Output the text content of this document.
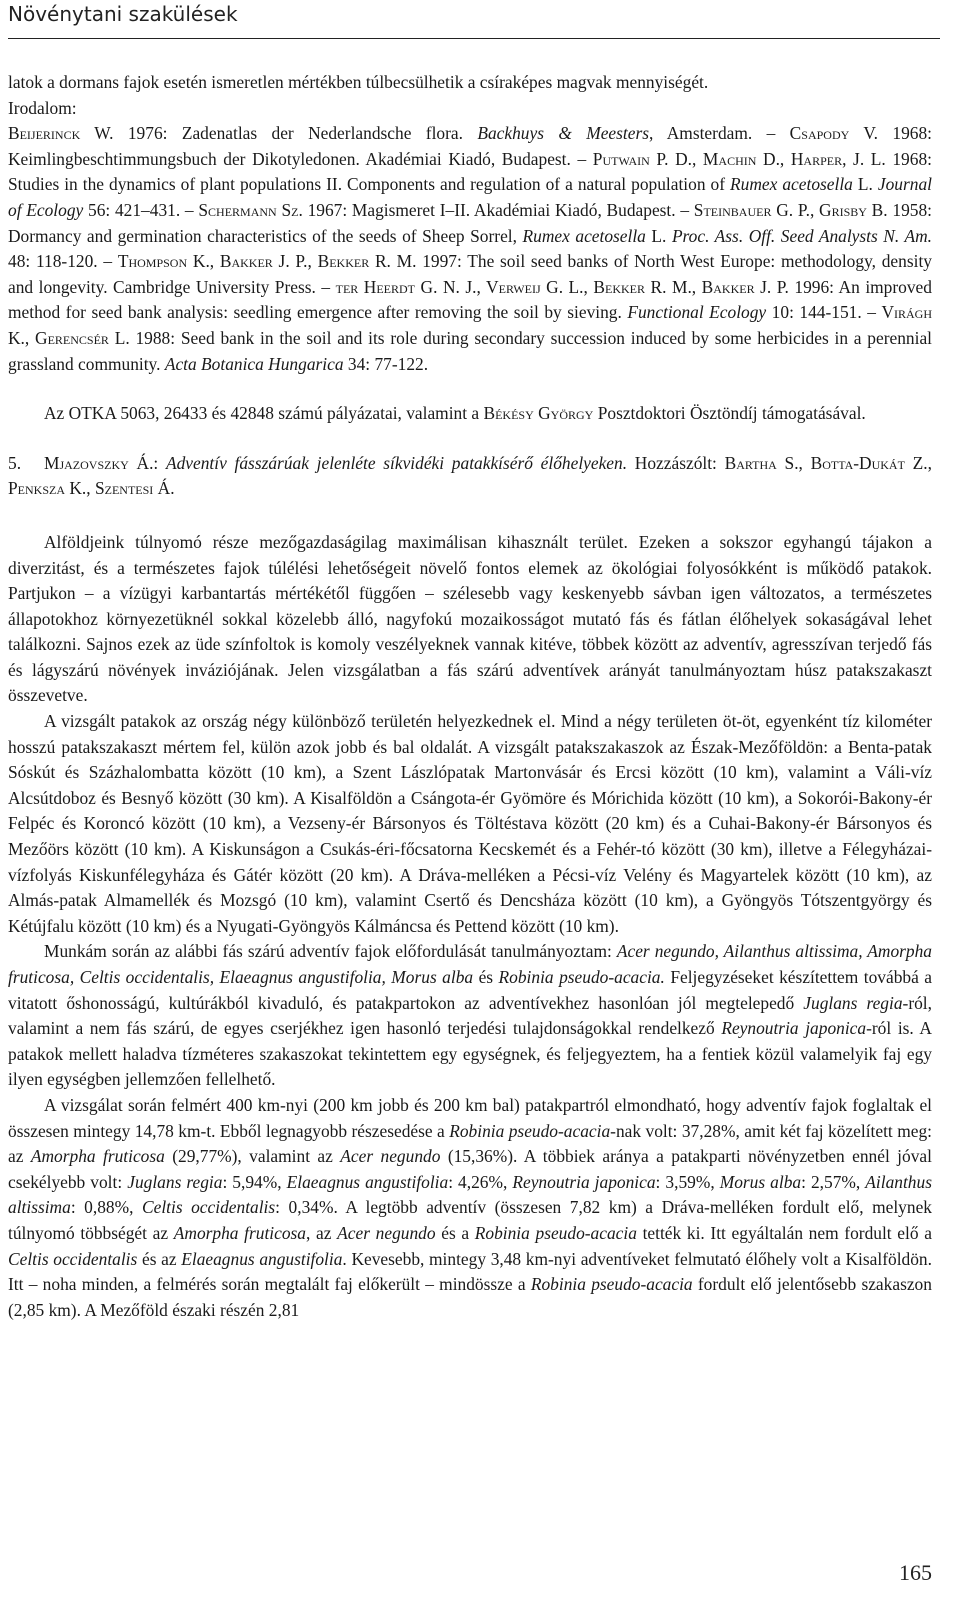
Növénytani szakülések

latok a dormans fajok esetén ismeretlen mértékben túlbecsülhetik a csíraképes magvak mennyiségét.

Irodalom:

Beijerinck W. 1976: Zadenatlas der Nederlandsche flora. Backhuys & Meesters, Amsterdam. – Csapody V. 1968: Keimlingbeschtimmungsbuch der Dikotyledonen. Akadémiai Kiadó, Budapest. – Putwain P. D., Machin D., Harper, J. L. 1968: Studies in the dynamics of plant populations II. Components and regulation of a natural population of Rumex acetosella L. Journal of Ecology 56: 421–431. – Schermann Sz. 1967: Magismeret I–II. Akadémiai Kiadó, Budapest. – Steinbauer G. P., Grisby B. 1958: Dormancy and germination characteristics of the seeds of Sheep Sorrel, Rumex acetosella L. Proc. Ass. Off. Seed Analysts N. Am. 48: 118-120. – Thompson K., Bakker J. P., Bekker R. M. 1997: The soil seed banks of North West Europe: methodology, density and longevity. Cambridge University Press. – ter Heerdt G. N. J., Verweij G. L., Bekker R. M., Bakker J. P. 1996: An improved method for seed bank analysis: seedling emergence after removing the soil by sieving. Functional Ecology 10: 144-151. – Virágh K., Gerencsér L. 1988: Seed bank in the soil and its role during secondary succession induced by some herbicides in a perennial grassland community. Acta Botanica Hungarica 34: 77-122.

Az OTKA 5063, 26433 és 42848 számú pályázatai, valamint a Békésy György Posztdoktori Ösztöndíj támogatásával.

5. Mjazovszky Á.: Adventív fásszárúak jelenléte síkvidéki patakkísérő élőhelyeken. Hozzászólt: Bartha S., Botta-Dukát Z., Penksza K., Szentesi Á.

Alföldjeink túlnyomó része mezőgazdaságilag maximálisan kihasznált terület. Ezeken a sokszor egyhangú tájakon a diverzitást, és a természetes fajok túlélési lehetőségeit növelő fontos elemek az ökológiai folyosókként is működő patakok. Partjukon – a vízügyi karbantartás mértékétől függően – szélesebb vagy keskenyebb sávban igen változatos, a természetes állapotokhoz környezetüknél sokkal közelebb álló, nagyfokú mozaikosságot mutató fás és fátlan élőhelyek sokaságával lehet találkozni. Sajnos ezek az üde színfoltok is komoly veszélyeknek vannak kitéve, többek között az adventív, agresszívan terjedő fás és lágyszárú növények inváziójának. Jelen vizsgálatban a fás szárú adventívek arányát tanulmányoztam húsz patakszakaszt összevetve.

A vizsgált patakok az ország négy különböző területén helyezkednek el. Mind a négy területen öt-öt, egyenként tíz kilométer hosszú patakszakaszt mértem fel, külön azok jobb és bal oldalát. A vizsgált patakszakaszok az Észak-Mezőföldön: a Benta-patak Sóskút és Százhalombatta között (10 km), a Szent Lászlópatak Martonvásár és Ercsi között (10 km), valamint a Váli-víz Alcsútdoboz és Besnyő között (30 km). A Kisalföldön a Csángota-ér Gyömöre és Mórichida között (10 km), a Sokorói-Bakony-ér Felpéc és Koroncó között (10 km), a Vezseny-ér Bársonyos és Töltéstava között (20 km) és a Cuhai-Bakony-ér Bársonyos és Mezőörs között (10 km). A Kiskunságon a Csukás-éri-főcsatorna Kecskemét és a Fehér-tó között (30 km), illetve a Félegyházai-vízfolyás Kiskunfélegyháza és Gátér között (20 km). A Dráva-melléken a Pécsi-víz Velény és Magyartelek között (10 km), az Almás-patak Almamellék és Mozsgó (10 km), valamint Csertő és Dencsháza között (10 km), a Gyöngyös Tótszentgyörgy és Kétújfalu között (10 km) és a Nyugati-Gyöngyös Kálmáncsa és Pettend között (10 km).

Munkám során az alábbi fás szárú adventív fajok előfordulását tanulmányoztam: Acer negundo, Ailanthus altissima, Amorpha fruticosa, Celtis occidentalis, Elaeagnus angustifolia, Morus alba és Robinia pseudo-acacia. Feljegyzéseket készítettem továbbá a vitatott őshonosságú, kultúrákból kivaduló, és patakpartokon az adventívekhez hasonlóan jól megtelepedő Juglans regia-ról, valamint a nem fás szárú, de egyes cserjékhez igen hasonló terjedési tulajdonságokkal rendelkező Reynoutria japonica-ról is. A patakok mellett haladva tízméteres szakaszokat tekintettem egy egységnek, és feljegyeztem, ha a fentiek közül valamelyik faj egy ilyen egységben jellemzően fellelhető.

A vizsgálat során felmért 400 km-nyi (200 km jobb és 200 km bal) patakpartról elmondható, hogy adventív fajok foglaltak el összesen mintegy 14,78 km-t. Ebből legnagyobb részesedése a Robinia pseudo-acacia-nak volt: 37,28%, amit két faj közelített meg: az Amorpha fruticosa (29,77%), valamint az Acer negundo (15,36%). A többiek aránya a patakparti növényzetben ennél jóval csekélyebb volt: Juglans regia: 5,94%, Elaeagnus angustifolia: 4,26%, Reynoutria japonica: 3,59%, Morus alba: 2,57%, Ailanthus altissima: 0,88%, Celtis occidentalis: 0,34%. A legtöbb adventív (összesen 7,82 km) a Dráva-melléken fordult elő, melynek túlnyomó többségét az Amorpha fruticosa, az Acer negundo és a Robinia pseudo-acacia tették ki. Itt egyáltalán nem fordult elő a Celtis occidentalis és az Elaeagnus angustifolia. Kevesebb, mintegy 3,48 km-nyi adventíveket felmutató élőhely volt a Kisalföldön. Itt – noha minden, a felmérés során megtalált faj előkerült – mindösszе a Robinia pseudo-acacia fordult elő jelentősebb szakaszon (2,85 km). A Mezőföld északi részén 2,81

165
